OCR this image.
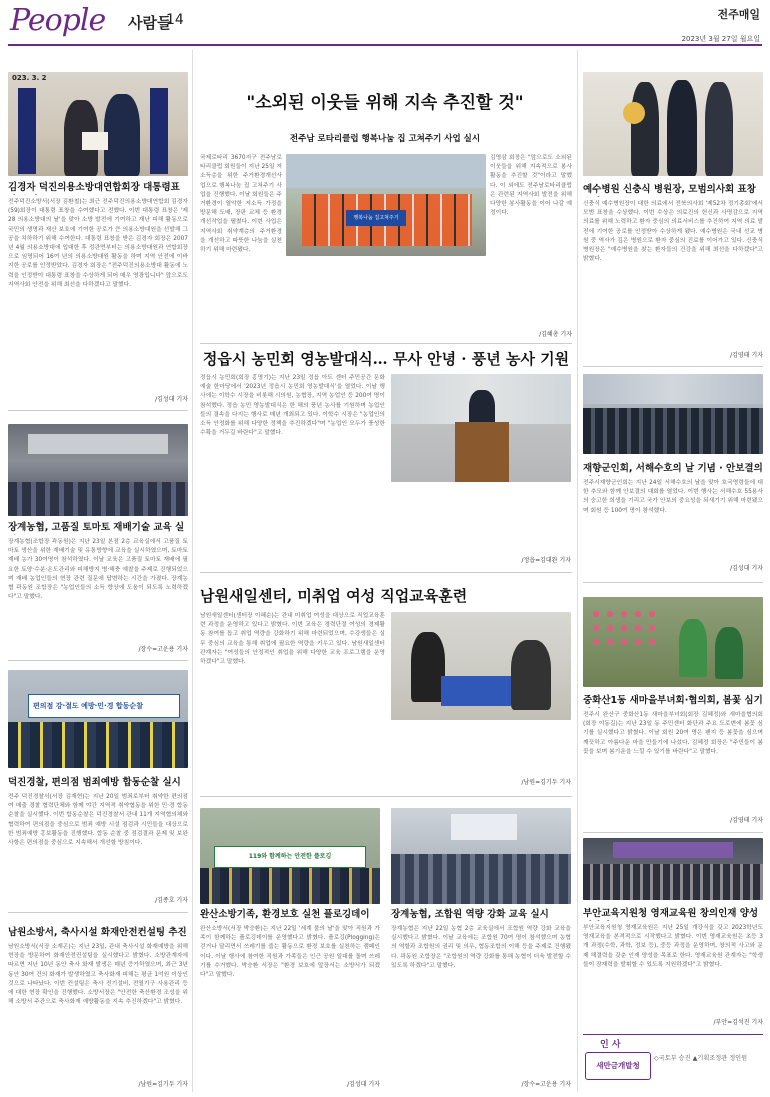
People 사람들
14	전주매일
2023년 3월 27일 월요일
023. 3. 2
김경자 덕진의용소방대연합회장 대통령표
전주덕진소방서(서장 김환철)는 최근 전주덕진의용소방대연합회 김경자(59)회장이 대통령 표창을 수여했다고 전했다. 이번 대통령 표창은 '제28 의용소방대의 날'을 맞아 소방 발전에 기여하고 재난 피해 활동으로 국민의 생명과 재산 보호에 기여한 공로가 큰 의용소방대원을 선발해 그 공을 치하하기 위해 수여한다. 대통령 표창을 받은 김경자 회장은 2007년 4월 의용소방대에 입대한 후 정관면부터는 의용소방대원과 연합회장으로 임명되어 16여 년의 의용소방대원 활동을 하며 지역 안전에 이바지한 공로를 인정받았다. 김경자 회장은 "전주덕진의용소방대 활동에 노력을 인정받아 대통령 표창을 수상하게 되어 매우 영광입니다" 앞으로도 지역사회 안전을 위해 최선을 다하겠다고 말했다.
/김성대 기자
장계농협, 고품질 토마토 재배기술 교육 실
장계농협(조합장 곽동원)은 지난 23일 본점 2층 교육실에서 고품질 토마토 생산을 위한 재배기술 및 유통방향에 교육을 실시하였으며, 토마토 재배 농가 30여명이 참석하였다. 이날 교육은 고품질 토마토 재배에 필요한 토양·수분·온도관리와 피해방지 병·해충 예찰을 주제로 진행되었으며 재배 농업인들의 현장 관련 질문에 답변하는 시간을 가졌다. 장계농협 곽동원 조합장은 "농업인들의 소득 향상에 도움이 되도록 노력하겠다"고 말했다.
/장수=고운용 기자
편의점 강·절도 예방·민·경 합동순찰
덕진경찰, 편의점 범죄예방 합동순찰 실시
전주 덕진경찰서(서장 김재현)는 지난 20일 범죄로부터 취약한 편의점 여 매출 경찰 협력단체와 함께 야간 지역적 취약협동을 위한 민·경 합동순찰을 실시했다. 이번 합동순찰은 덕진경찰서 관내 11개 지역협의체와 협력하여 편의점을 중심으로 범죄 예방 시설 점검과 시민들을 대상으로 한 범죄예방 홍보활동을 진행했다. 합동 순찰 중 점검결과 문제 및 보완사항은 편의점을 중심으로 지속해서 개선할 방침이다.
/김종호 기자
남원소방서, 축사시설 화재안전컨설팅 추진
남원소방서(서장 소재곤)는 지난 23일, 관내 축사시설 화재예방을 위해 현장을 방문하여 화재안전컨설팅을 실시했다고 밝혔다. 소방관계자에 따르면 지난 10년 동안 축사 화재 발생은 매년 증가하였으며, 최근 3년 동안 30여 건의 화재가 발생하였고 축사화재 피해는 평균 1억원 이상인 것으로 나타났다. 이번 컨설팅은 축사 전기설비, 전열기구 사용관리 등에 대한 현장 확인을 진행했다. 소방서장은 "안전한 축산환경 조성을 위해 소방서 주관으로 축사화재 예방활동을 지속 추진하겠다"고 밝혔다.
/남원=김기두 기자
"소외된 이웃들 위해 지속 추진할 것"
전주남 로타리클럽 행복나눔 집 고쳐주기 사업 실시
국제로타리 3670지구 전주남로타리클럽 회원들이 지난 25일 저소득층을 위한 주거환경개선사업으로 행복나눔 집 고쳐주기 사업을 진행했다. 이날 회원들은 주거환경이 열악한 저소득 가정을 방문해 도배, 장판 교체 등 환경 개선작업을 펼쳤다. 이번 사업은 지역사회 취약계층의 주거환경을 개선하고 따뜻한 나눔을 실천하기 위해 마련됐다.
행복나눔 집고쳐주기
김영삼 회장은 "앞으로도 소외된 이웃들을 위해 지속적으로 봉사활동을 추진할 것"이라고 말했다. 이 외에도 전주남로타리클럽은 관련된 지역사회 발전을 위해 다양한 봉사활동을 이어 나갈 예정이다.
/김혜총 기자
정읍시 농민회 영농발대식… 무사 안녕 · 풍년 농사 기원
정읍시 농민회(회장 홍명기)는 지난 23일 정읍 아트 센터 주민공간 문화예술 한마당에서 '2023년 정읍시 농민회 영농발대식'을 열었다. 이날 행사에는 이학수 시장을 비롯해 시의원, 농협장, 지역 농업인 등 200여 명이 참석했다. 정읍 농민 영농발대식은 한 해의 풍년 농사를 기원하며 농업인들의 결속을 다지는 행사로 매년 개최되고 있다. 이학수 시장은 "농업인의 소득 안정화를 위해 다양한 정책을 추진하겠다"며 "농업인 모두가 풍성한 수확을 거두길 바란다"고 말했다.
/정읍=김대완 기자
남원새일센터, 미취업 여성 직업교육훈련
남원새일센터(센터장 이혜순)는 관내 미취업 여성을 대상으로 직업교육훈련 과정을 운영하고 있다고 밝혔다. 이번 교육은 경력단절 여성의 경제활동 참여를 돕고 취업 역량을 강화하기 위해 마련되었으며, 수강생들은 실무 중심의 교육을 통해 취업에 필요한 역량을 키우고 있다. 남원새일센터 관계자는 "여성들의 안정적인 취업을 위해 다양한 교육 프로그램을 운영하겠다"고 말했다.
/남원=김기두 기자
119와 함께하는 안전한 플로깅
완산소방기족, 환경보호 실천 플로깅데이
완산소방서(서장 박승환)는 지난 22일 '세계 물의 날'을 맞아 직원과 가족이 함께하는 플로깅데이를 운영했다고 밝혔다. 플로깅(Plogging)은 걷거나 달리면서 쓰레기를 줍는 활동으로 환경 보호를 실천하는 캠페인이다. 이날 행사에 참여한 직원과 가족들은 인근 공원 일대를 돌며 쓰레기를 수거했다. 박승환 서장은 "환경 보호에 앞장서는 소방서가 되겠다"고 말했다.
/김성대 기자
장계농협, 조합원 역량 강화 교육 실시
장계농협은 지난 22일 농협 2층 교육실에서 조합원 역량 강화 교육을 실시했다고 밝혔다. 이날 교육에는 조합원 70여 명이 참석했으며 농협의 역할과 조합원의 권리 및 의무, 협동조합의 이해 등을 주제로 진행됐다. 곽동원 조합장은 "조합원의 역량 강화를 통해 농협이 더욱 발전할 수 있도록 하겠다"고 말했다.
/장수=고운용 기자
예수병원 신충식 병원장, 모범의사회 표창
신충식 예수병원장이 대한 의료에서 전북의사회 '제52차 정기총회'에서 모범 표창을 수상했다. 이번 수상은 의료진의 헌신과 사명감으로 지역 의료를 위해 노력하고 환자 중심의 의료서비스를 추진하여 지역 의료 발전에 기여한 공로를 인정받아 수상하게 됐다. 예수병원은 국내 선교 병원 중 역사가 깊은 병원으로 환자 중심의 진료를 이어가고 있다. 신충식 병원장은 "예수병원을 찾는 환자들의 건강을 위해 최선을 다하겠다"고 밝혔다.
/김영태 기자
재향군인회, 서해수호의 날 기념 · 안보결의
전주시재향군인회는 지난 24일 서해수호의 날을 맞아 호국영령들에 대한 추모와 함께 안보결의 대회를 열었다. 이번 행사는 서해수호 55용사의 숭고한 희생을 기리고 국가 안보의 중요성을 되새기기 위해 마련됐으며 회원 등 100여 명이 참석했다.
/김성대 기자
중화산1동 새마을부녀회·협의회, 봄꽃 심기
전주시 완산구 중화산1동 새마을부녀회(회장 김혜정)와 새마을협의회(회장 이동길)는 지난 23일 동 주민센터 화단과 주요 도로변에 봄꽃 심기를 실시했다고 밝혔다. 이날 회원 20여 명은 팬지 등 봄꽃을 심으며 깨끗하고 아름다운 마을 만들기에 나섰다. 김혜정 회장은 "주민들이 봄꽃을 보며 봄기운을 느낄 수 있기를 바란다"고 말했다.
/김영태 기자
부안교육지원청 영재교육원 창의인재 양성
부안교육지원청 영재교육원은 지난 25일 개강식을 갖고 2023학년도 영재교육을 본격적으로 시작했다고 밝혔다. 이번 영재교육원은 초등 3개 과정(수학, 과학, 정보 등), 중등 과정을 운영하며, 창의적 사고와 문제 해결력을 갖춘 인재 양성을 목표로 한다. 영재교육원 관계자는 "학생들이 잠재력을 발휘할 수 있도록 지원하겠다"고 밝혔다.
/부안=김석진 기자
인 사
새만금개발청
◇국토부 승진 ▲기획조정관 정인원
